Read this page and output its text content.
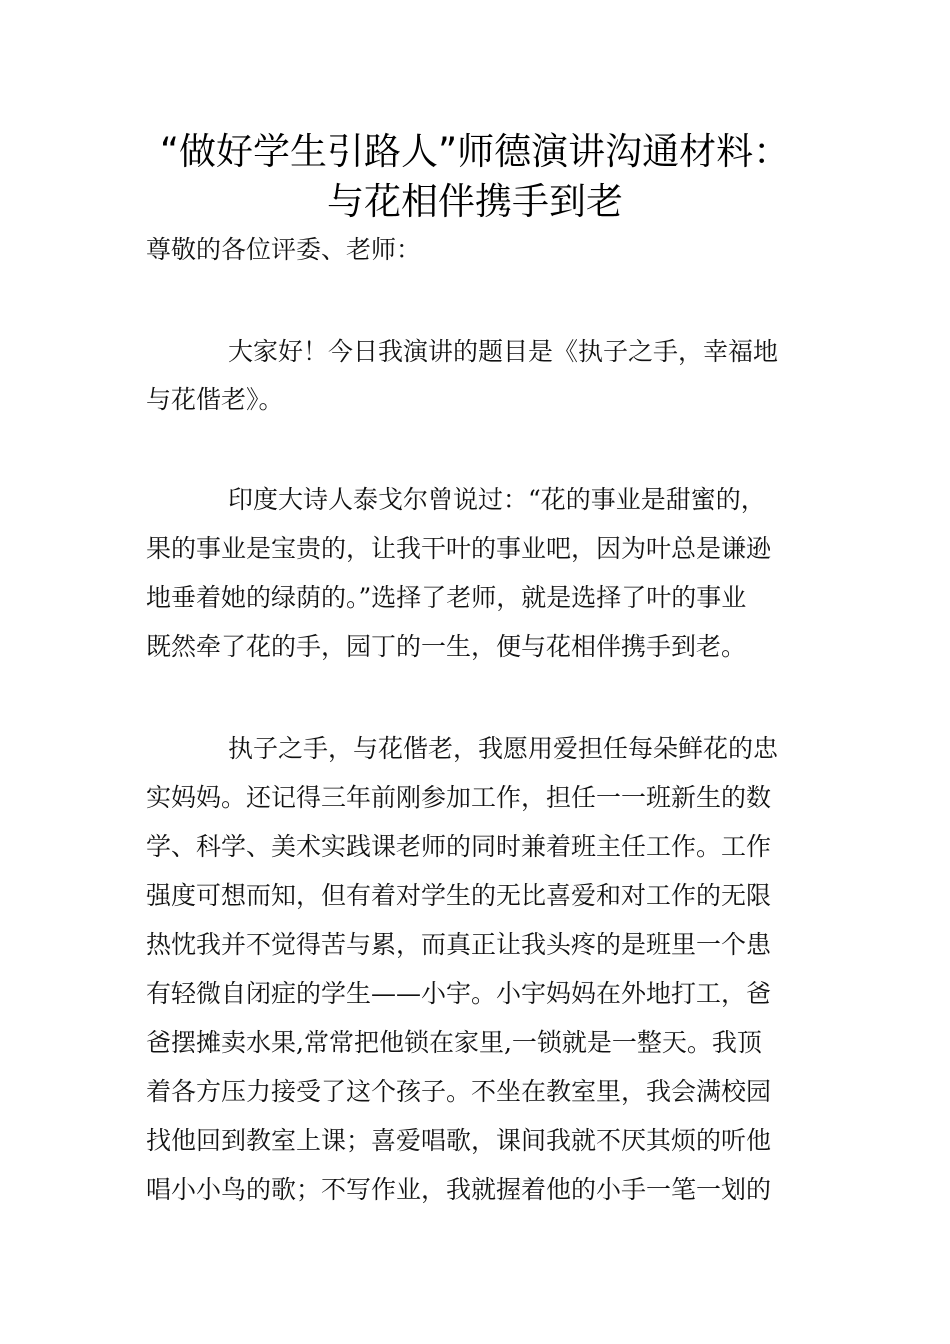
“做好学生引路人”师德演讲沟通材料：
与花相伴携手到老
尊敬的各位评委、老师：
大家好！今日我演讲的题目是《执子之手，幸福地
与花偕老》。
印度大诗人泰戈尔曾说过：“花的事业是甜蜜的，
果的事业是宝贵的，让我干叶的事业吧，因为叶总是谦逊
地垂着她的绿荫的。”选择了老师，就是选择了叶的事业
既然牵了花的手，园丁的一生，便与花相伴携手到老。
执子之手，与花偕老，我愿用爱担任每朵鲜花的忠
实妈妈。还记得三年前刚参加工作，担任一一班新生的数
学、科学、美术实践课老师的同时兼着班主任工作。工作
强度可想而知，但有着对学生的无比喜爱和对工作的无限
热忱我并不觉得苦与累，而真正让我头疼的是班里一个患
有轻微自闭症的学生——小宇。小宇妈妈在外地打工，爸
爸摆摊卖水果,常常把他锁在家里,一锁就是一整天。我顶
着各方压力接受了这个孩子。不坐在教室里，我会满校园
找他回到教室上课；喜爱唱歌，课间我就不厌其烦的听他
唱小小鸟的歌；不写作业，我就握着他的小手一笔一划的
